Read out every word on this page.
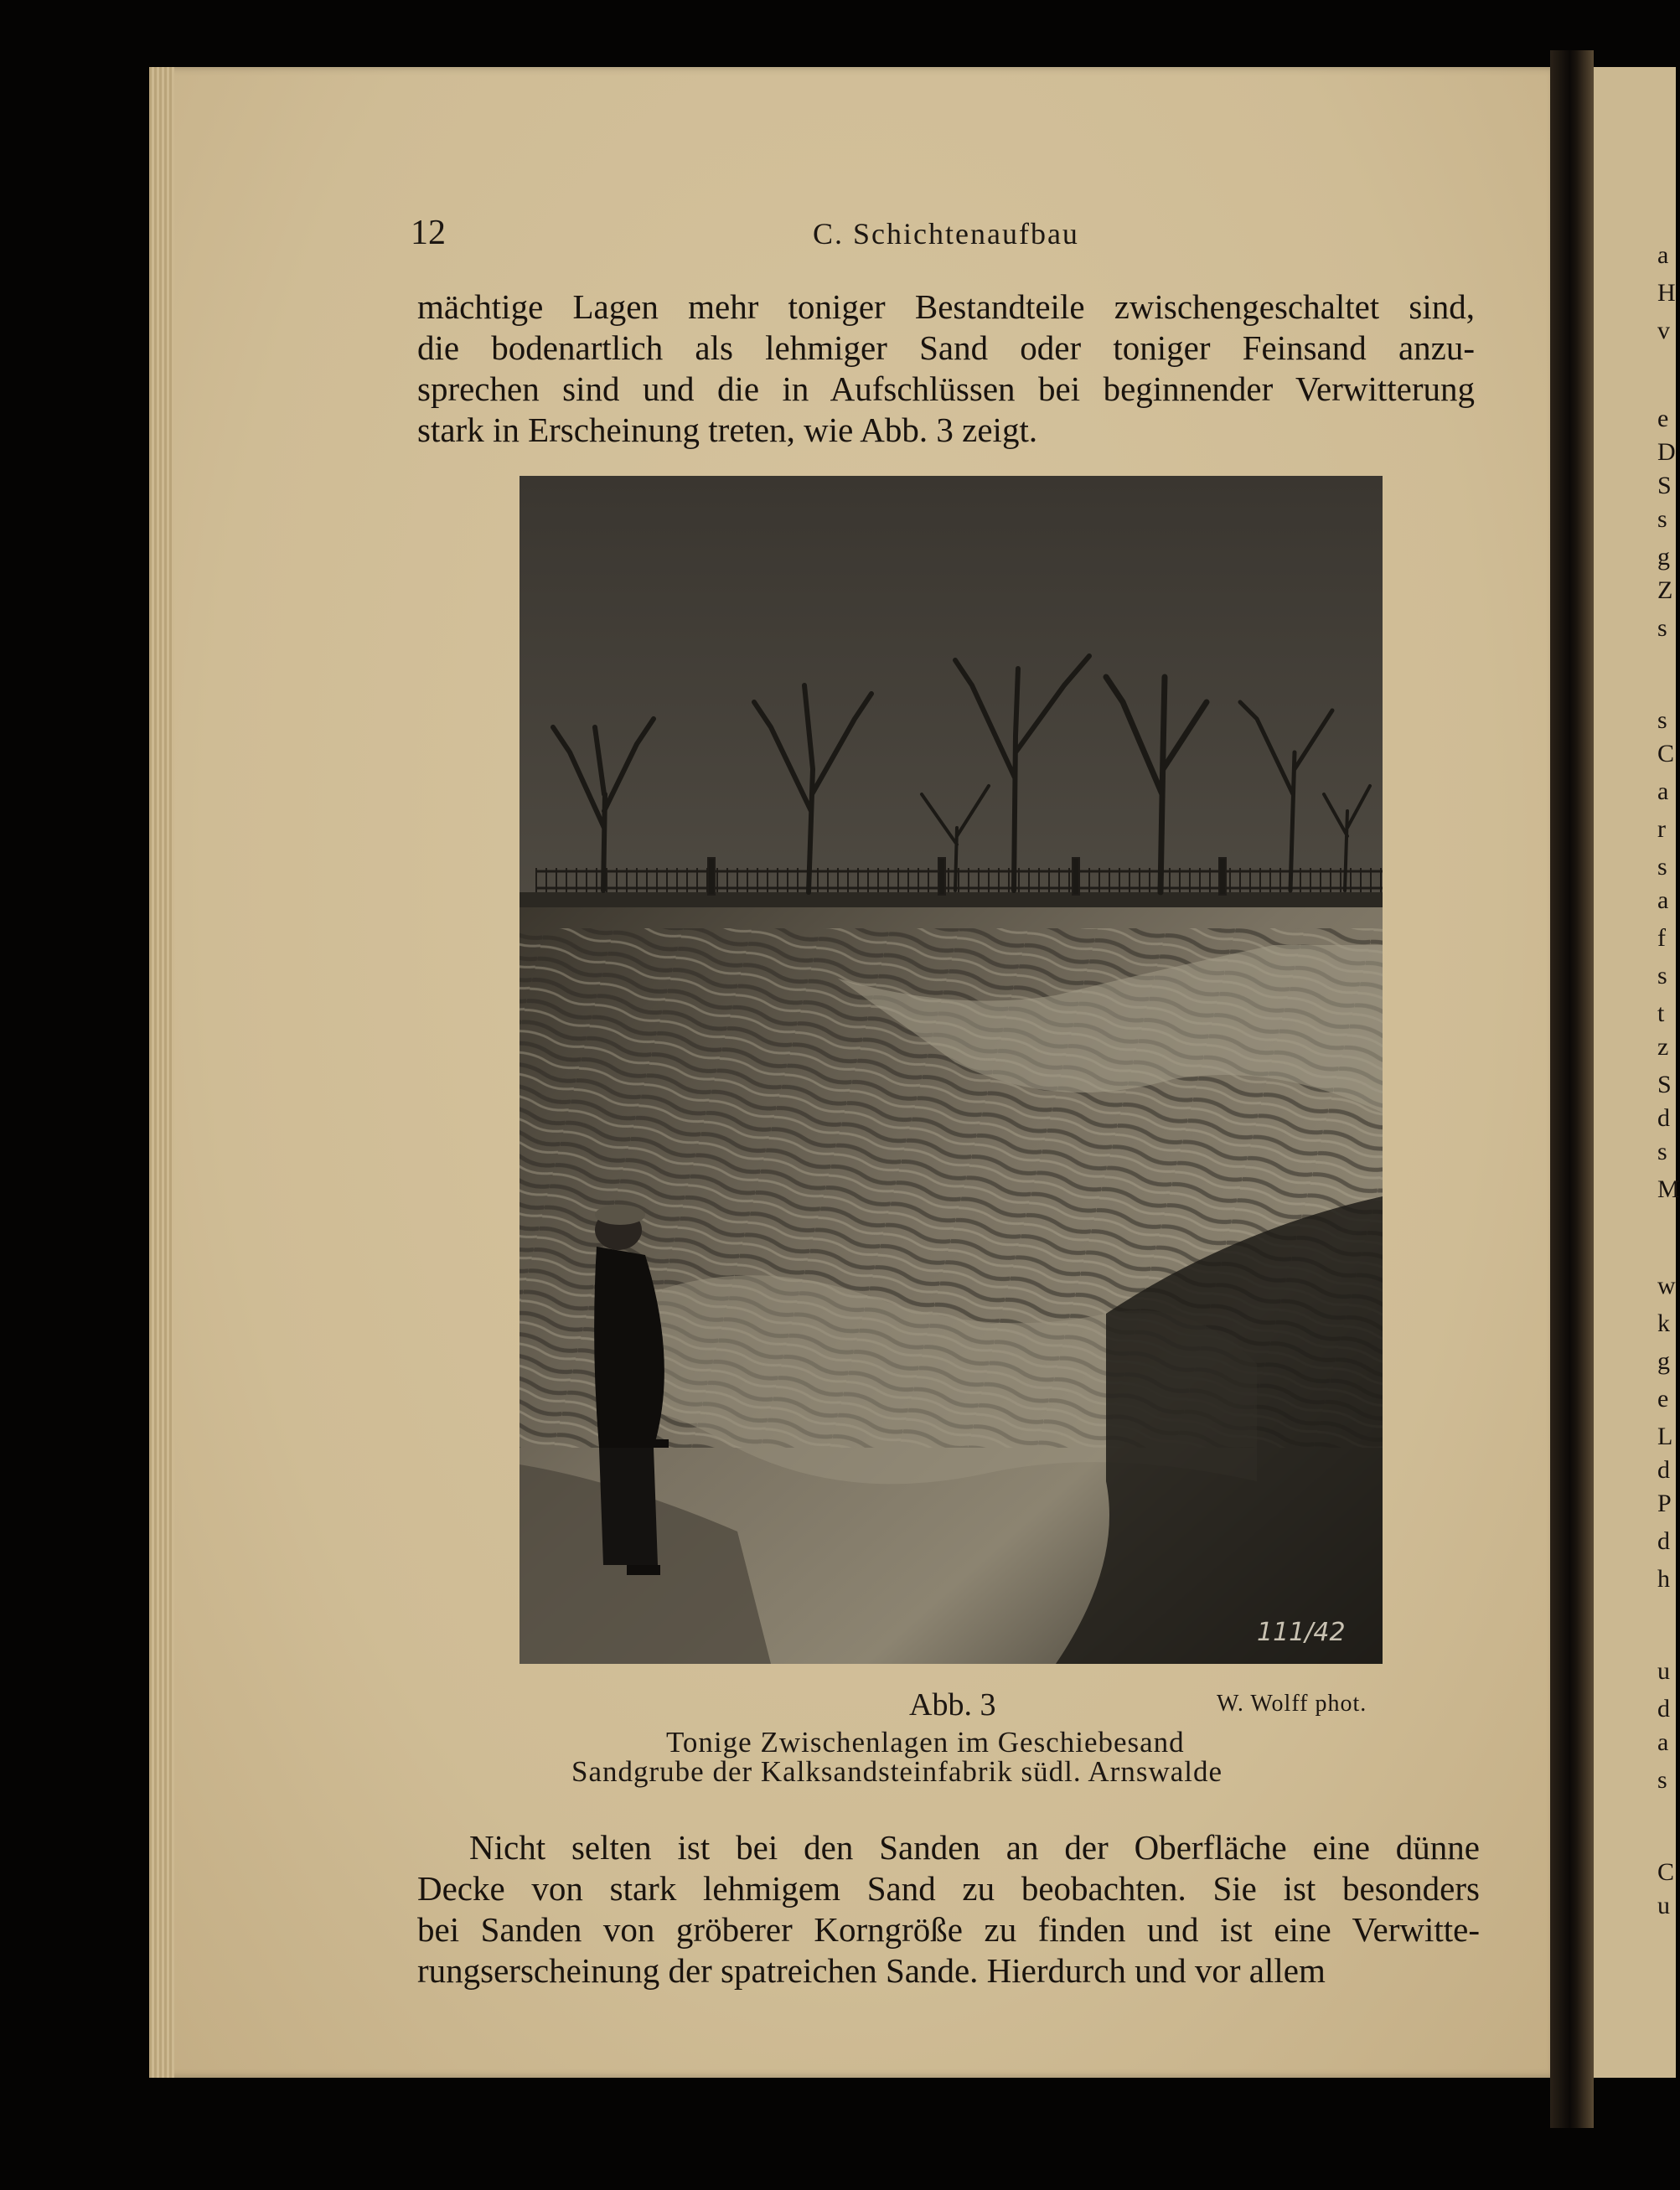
a
H
v
e
D
S
s
g
Z
s
s
C
a
r
s
a
f
s
t
z
S
d
s
M
w
k
g
e
L
d
P
d
h
u
d
a
s
C
u
12	C. Schichtenaufbau

mächtige Lagen mehr toniger Bestandteile zwischengeschaltet sind,
die bodenartlich als lehmiger Sand oder toniger Feinsand anzu-
sprechen sind und die in Aufschlüssen bei beginnender Verwitterung
stark in Erscheinung treten, wie Abb. 3 zeigt.

111/42
Abb. 3	W. Wolff phot.
Tonige Zwischenlagen im Geschiebesand
Sandgrube der Kalksandsteinfabrik südl. Arnswalde

Nicht selten ist bei den Sanden an der Oberfläche eine dünne
Decke von stark lehmigem Sand zu beobachten. Sie ist besonders
bei Sanden von gröberer Korngröße zu finden und ist eine Verwitte-
rungserscheinung der spatreichen Sande. Hierdurch und vor allem
